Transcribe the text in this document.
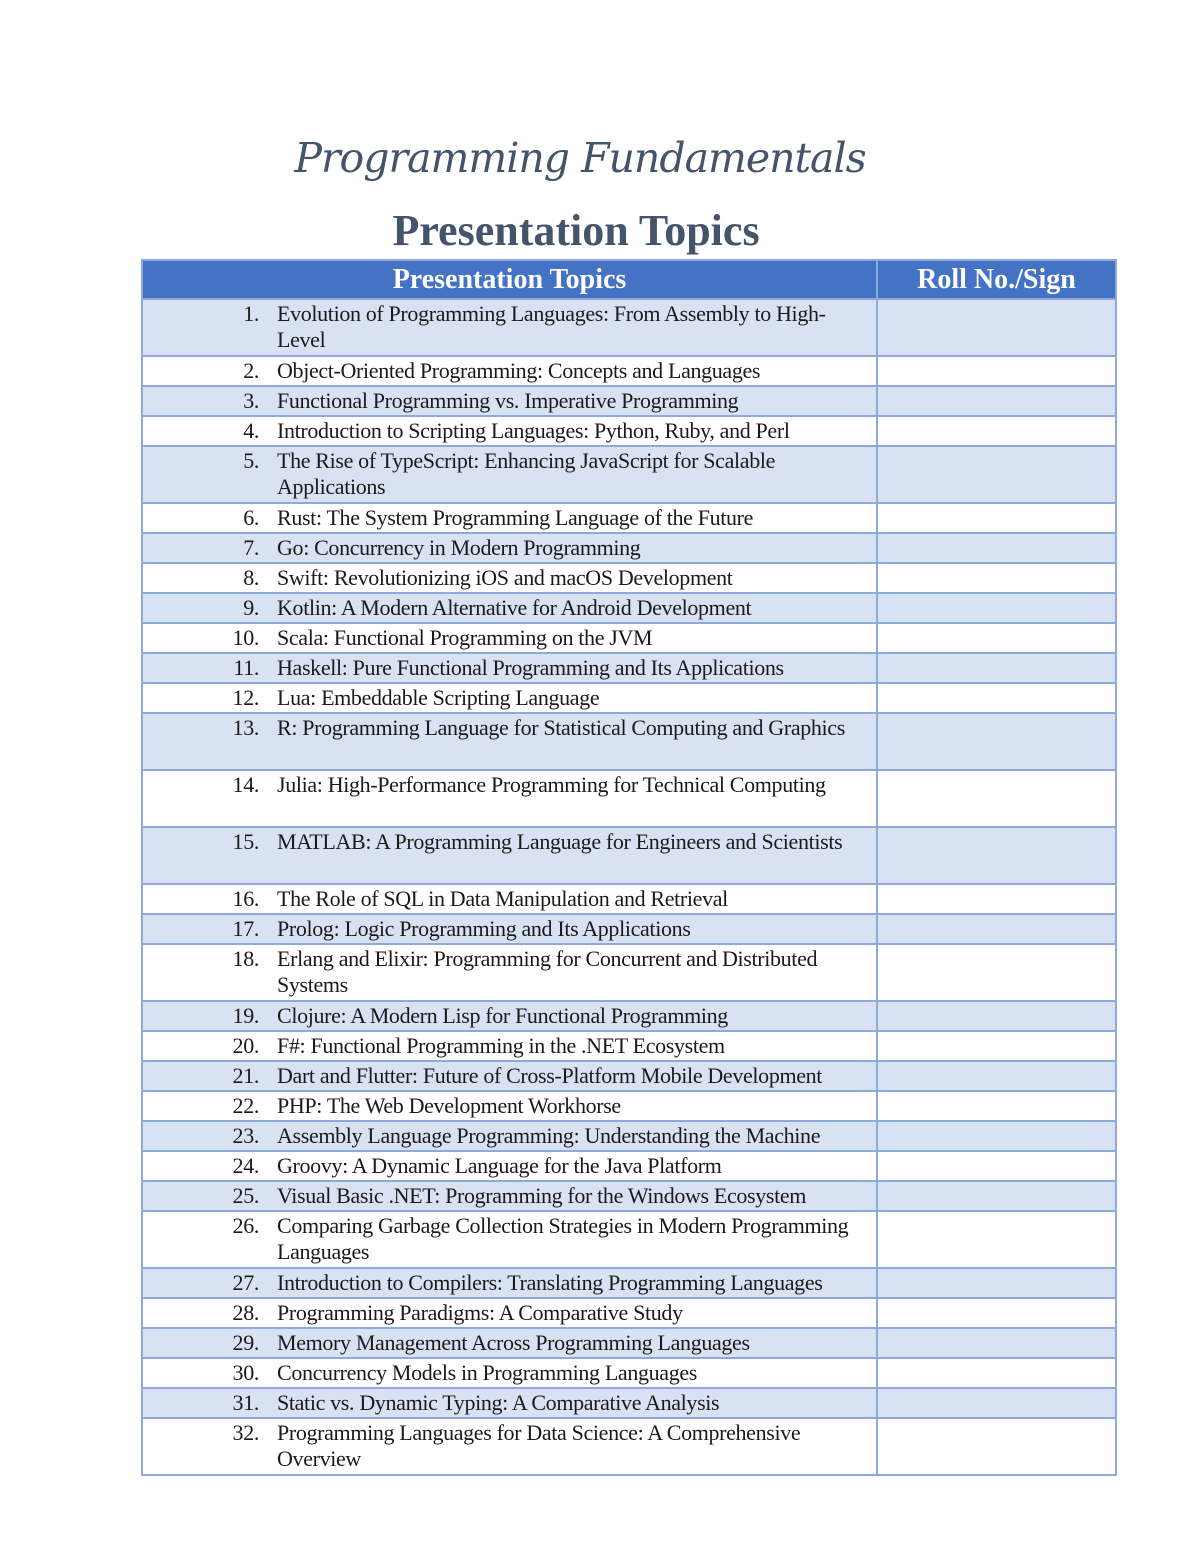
Programming Fundamentals
Presentation Topics
Presentation Topics	Roll No./Sign

1. Evolution of Programming Languages: From Assembly to High-Level	

2. Object-Oriented Programming: Concepts and Languages	

3. Functional Programming vs. Imperative Programming	

4. Introduction to Scripting Languages: Python, Ruby, and Perl	

5. The Rise of TypeScript: Enhancing JavaScript for Scalable Applications	

6. Rust: The System Programming Language of the Future	

7. Go: Concurrency in Modern Programming	

8. Swift: Revolutionizing iOS and macOS Development	

9. Kotlin: A Modern Alternative for Android Development	

10. Scala: Functional Programming on the JVM	

11. Haskell: Pure Functional Programming and Its Applications	

12. Lua: Embeddable Scripting Language	

13. R: Programming Language for Statistical Computing and Graphics	

14. Julia: High-Performance Programming for Technical Computing	

15. MATLAB: A Programming Language for Engineers and Scientists	

16. The Role of SQL in Data Manipulation and Retrieval	

17. Prolog: Logic Programming and Its Applications	

18. Erlang and Elixir: Programming for Concurrent and Distributed Systems	

19. Clojure: A Modern Lisp for Functional Programming	

20. F#: Functional Programming in the .NET Ecosystem	

21. Dart and Flutter: Future of Cross-Platform Mobile Development	

22. PHP: The Web Development Workhorse	

23. Assembly Language Programming: Understanding the Machine	

24. Groovy: A Dynamic Language for the Java Platform	

25. Visual Basic .NET: Programming for the Windows Ecosystem	

26. Comparing Garbage Collection Strategies in Modern Programming Languages	

27. Introduction to Compilers: Translating Programming Languages	

28. Programming Paradigms: A Comparative Study	

29. Memory Management Across Programming Languages	

30. Concurrency Models in Programming Languages	

31. Static vs. Dynamic Typing: A Comparative Analysis	

32. Programming Languages for Data Science: A Comprehensive Overview	
